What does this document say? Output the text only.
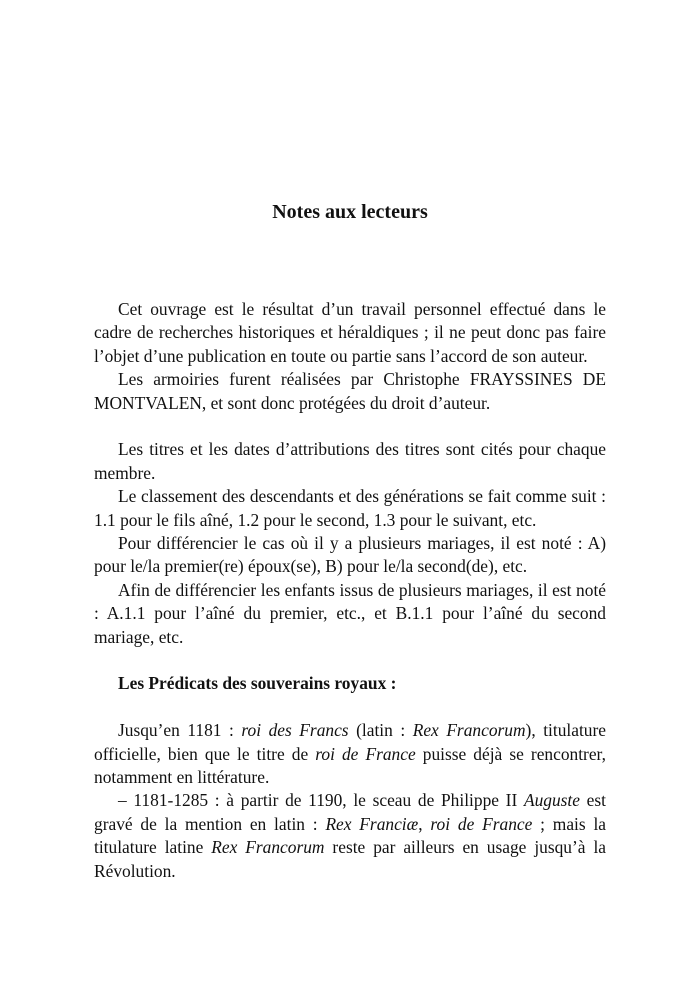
Notes aux lecteurs

Cet ouvrage est le résultat d’un travail personnel effectué dans le cadre de recherches historiques et héraldiques ; il ne peut donc pas faire l’objet d’une publication en toute ou partie sans l’accord de son auteur.

Les armoiries furent réalisées par Christophe FRAYSSINES DE MONTVALEN, et sont donc protégées du droit d’auteur.

Les titres et les dates d’attributions des titres sont cités pour chaque membre.

Le classement des descendants et des générations se fait comme suit : 1.1 pour le fils aîné, 1.2 pour le second, 1.3 pour le suivant, etc.

Pour différencier le cas où il y a plusieurs mariages, il est noté : A) pour le/la premier(re) époux(se), B) pour le/la second(de), etc.

Afin de différencier les enfants issus de plusieurs mariages, il est noté : A.1.1 pour l’aîné du premier, etc., et B.1.1 pour l’aîné du second mariage, etc.

Les Prédicats des souverains royaux :

Jusqu’en 1181 : roi des Francs (latin : Rex Francorum), titulature officielle, bien que le titre de roi de France puisse déjà se rencontrer, notamment en littérature.

– 1181-1285 : à partir de 1190, le sceau de Philippe II Auguste est gravé de la mention en latin : Rex Franciæ, roi de France ; mais la titulature latine Rex Francorum reste par ailleurs en usage jusqu’à la Révolution.
